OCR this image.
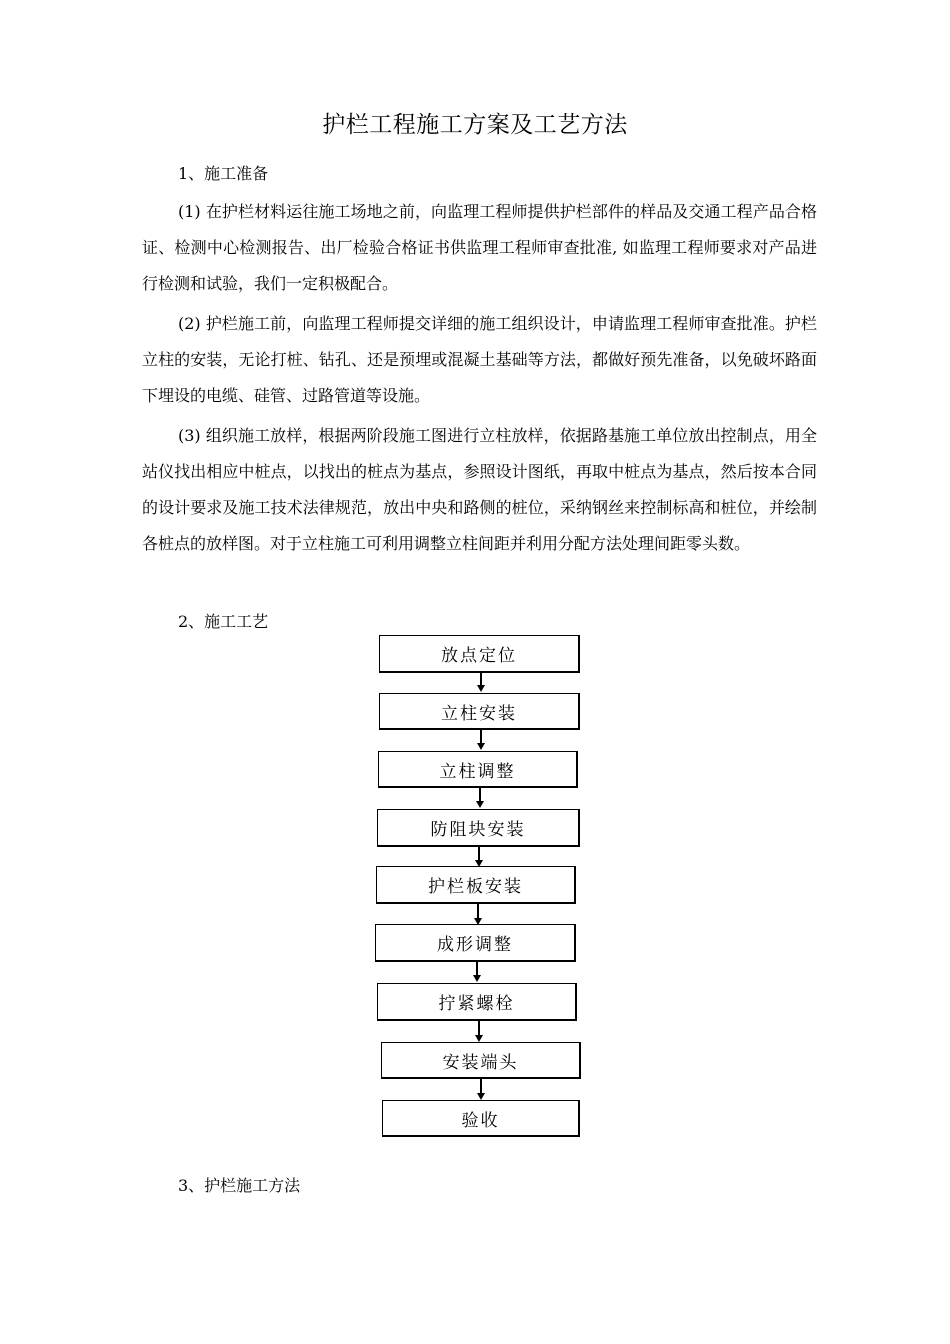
护栏工程施工方案及工艺方法
1、施工准备
(1) 在护栏材料运往施工场地之前，向监理工程师提供护栏部件的样品及交通工程产品合格证、检测中心检测报告、出厂检验合格证书供监理工程师审查批准, 如监理工程师要求对产品进行检测和试验，我们一定积极配合。
(2) 护栏施工前，向监理工程师提交详细的施工组织设计，申请监理工程师审查批准。护栏立柱的安装，无论打桩、钻孔、还是预埋或混凝土基础等方法，都做好预先准备，以免破坏路面下埋设的电缆、硅管、过路管道等设施。
(3) 组织施工放样，根据两阶段施工图进行立柱放样，依据路基施工单位放出控制点，用全站仪找出相应中桩点，以找出的桩点为基点，参照设计图纸，再取中桩点为基点，然后按本合同的设计要求及施工技术法律规范，放出中央和路侧的桩位，采纳钢丝来控制标高和桩位，并绘制各桩点的放样图。对于立柱施工可利用调整立柱间距并利用分配方法处理间距零头数。
2、施工工艺
放点定位
立柱安装
立柱调整
防阻块安装
护栏板安装
成形调整
拧紧螺栓
安装端头
验收
3、护栏施工方法
